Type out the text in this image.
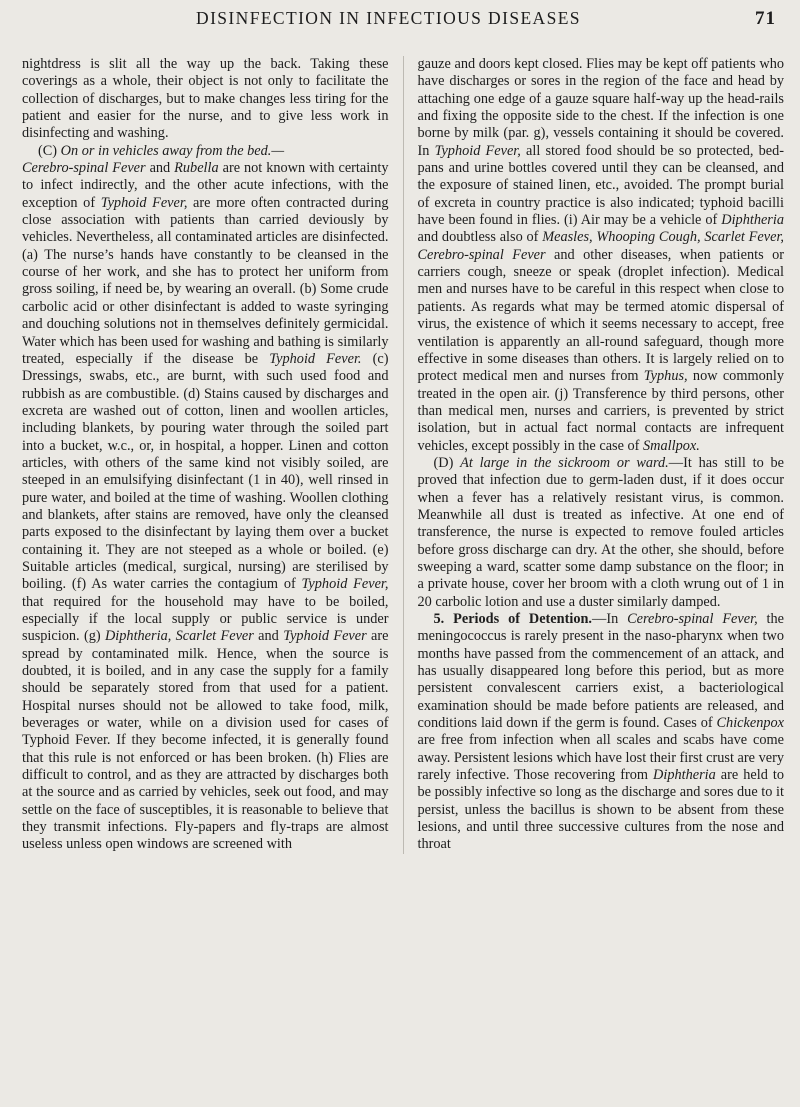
DISINFECTION IN INFECTIOUS DISEASES	71

nightdress is slit all the way up the back. Taking these coverings as a whole, their object is not only to facilitate the collection of discharges, but to make changes less tiring for the patient and easier for the nurse, and to give less work in disinfecting and washing.

(C) On or in vehicles away from the bed.—
Cerebro-spinal Fever and Rubella are not known with certainty to infect indirectly, and the other acute infections, with the exception of Typhoid Fever, are more often contracted during close association with patients than carried deviously by vehicles. Nevertheless, all contaminated articles are disinfected. (a) The nurse’s hands have constantly to be cleansed in the course of her work, and she has to protect her uniform from gross soiling, if need be, by wearing an overall. (b) Some crude carbolic acid or other disinfectant is added to waste syringing and douching solutions not in themselves definitely germicidal. Water which has been used for washing and bathing is similarly treated, especially if the disease be Typhoid Fever. (c) Dressings, swabs, etc., are burnt, with such used food and rubbish as are combustible. (d) Stains caused by discharges and excreta are washed out of cotton, linen and woollen articles, including blankets, by pouring water through the soiled part into a bucket, w.c., or, in hospital, a hopper. Linen and cotton articles, with others of the same kind not visibly soiled, are steeped in an emulsifying disinfectant (1 in 40), well rinsed in pure water, and boiled at the time of washing. Woollen clothing and blankets, after stains are removed, have only the cleansed parts exposed to the disinfectant by laying them over a bucket containing it. They are not steeped as a whole or boiled. (e) Suitable articles (medical, surgical, nursing) are sterilised by boiling. (f) As water carries the contagium of Typhoid Fever, that required for the household may have to be boiled, especially if the local supply or public service is under suspicion. (g) Diphtheria, Scarlet Fever and Typhoid Fever are spread by contaminated milk. Hence, when the source is doubted, it is boiled, and in any case the supply for a family should be separately stored from that used for a patient. Hospital nurses should not be allowed to take food, milk, beverages or water, while on a division used for cases of Typhoid Fever. If they become infected, it is generally found that this rule is not enforced or has been broken. (h) Flies are difficult to control, and as they are attracted by discharges both at the source and as carried by vehicles, seek out food, and may settle on the face of susceptibles, it is reasonable to believe that they transmit infections. Fly-papers and fly-traps are almost useless unless open windows are screened with

gauze and doors kept closed. Flies may be kept off patients who have discharges or sores in the region of the face and head by attaching one edge of a gauze square half-way up the head-rails and fixing the opposite side to the chest. If the infection is one borne by milk (par. g), vessels containing it should be covered. In Typhoid Fever, all stored food should be so protected, bed-pans and urine bottles covered until they can be cleansed, and the exposure of stained linen, etc., avoided. The prompt burial of excreta in country practice is also indicated; typhoid bacilli have been found in flies. (i) Air may be a vehicle of Diphtheria and doubtless also of Measles, Whooping Cough, Scarlet Fever, Cerebro-spinal Fever and other diseases, when patients or carriers cough, sneeze or speak (droplet infection). Medical men and nurses have to be careful in this respect when close to patients. As regards what may be termed atomic dispersal of virus, the existence of which it seems necessary to accept, free ventilation is apparently an all-round safeguard, though more effective in some diseases than others. It is largely relied on to protect medical men and nurses from Typhus, now commonly treated in the open air. (j) Transference by third persons, other than medical men, nurses and carriers, is prevented by strict isolation, but in actual fact normal contacts are infrequent vehicles, except possibly in the case of Smallpox.

(D) At large in the sickroom or ward.—It has still to be proved that infection due to germ-laden dust, if it does occur when a fever has a relatively resistant virus, is common. Meanwhile all dust is treated as infective. At one end of transference, the nurse is expected to remove fouled articles before gross discharge can dry. At the other, she should, before sweeping a ward, scatter some damp substance on the floor; in a private house, cover her broom with a cloth wrung out of 1 in 20 carbolic lotion and use a duster similarly damped.

5. Periods of Detention.—In Cerebro-spinal Fever, the meningococcus is rarely present in the naso-pharynx when two months have passed from the commencement of an attack, and has usually disappeared long before this period, but as more persistent convalescent carriers exist, a bacteriological examination should be made before patients are released, and conditions laid down if the germ is found. Cases of Chickenpox are free from infection when all scales and scabs have come away. Persistent lesions which have lost their first crust are very rarely infective. Those recovering from Diphtheria are held to be possibly infective so long as the discharge and sores due to it persist, unless the bacillus is shown to be absent from these lesions, and until three successive cultures from the nose and throat
